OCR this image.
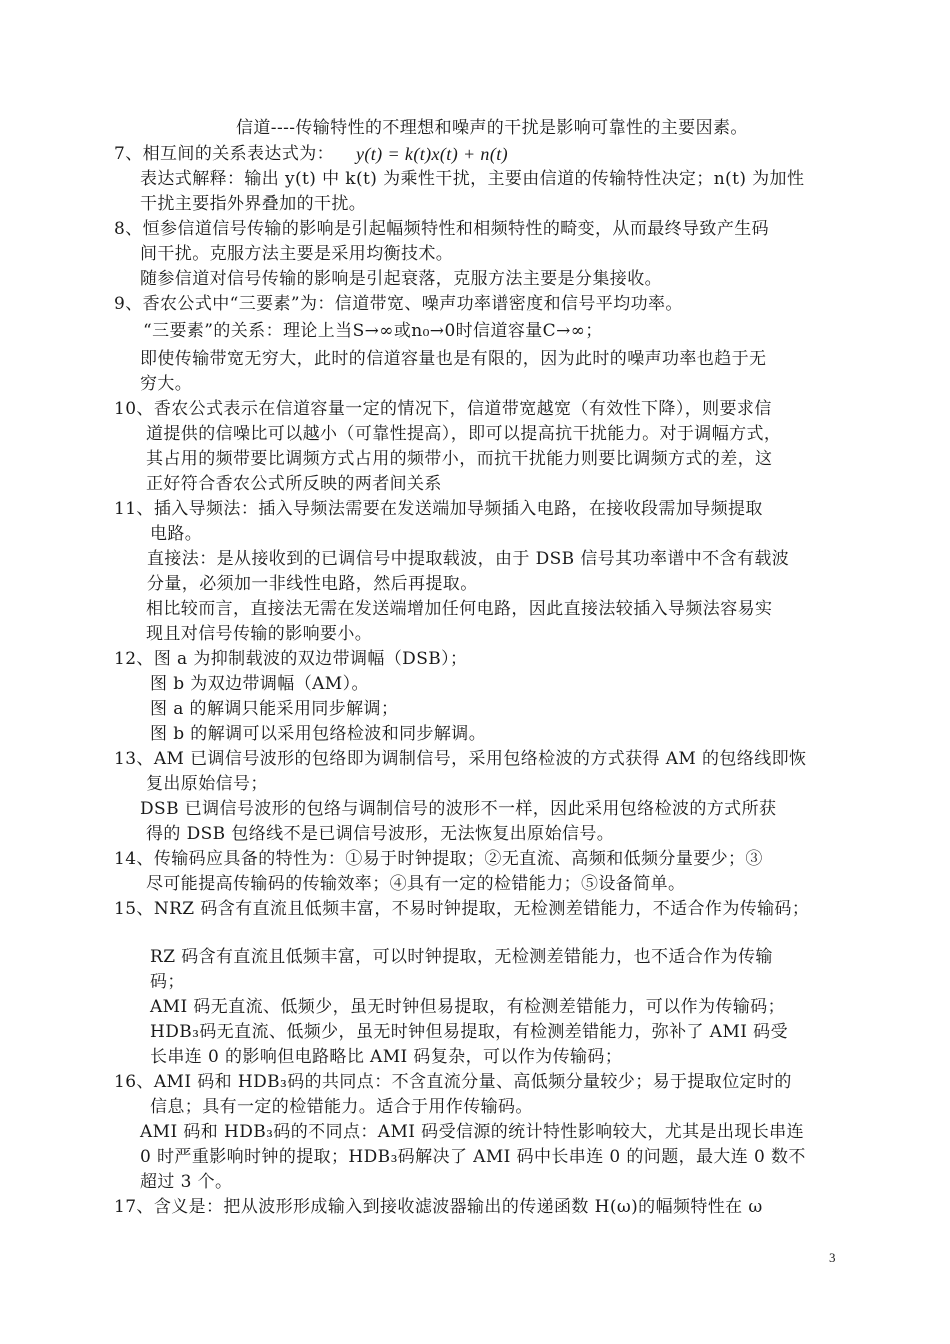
信道----传输特性的不理想和噪声的干扰是影响可靠性的主要因素。
7、相互间的关系表达式为： y(t) = k(t)x(t) + n(t)
表达式解释：输出 y(t) 中 k(t) 为乘性干扰，主要由信道的传输特性决定；n(t) 为加性
干扰主要指外界叠加的干扰。
8、恒参信道信号传输的影响是引起幅频特性和相频特性的畸变，从而最终导致产生码
间干扰。克服方法主要是采用均衡技术。
随参信道对信号传输的影响是引起衰落，克服方法主要是分集接收。
9、香农公式中“三要素”为：信道带宽、噪声功率谱密度和信号平均功率。
“三要素”的关系：理论上当S→∞或n₀→0时信道容量C→∞；
即使传输带宽无穷大，此时的信道容量也是有限的，因为此时的噪声功率也趋于无
穷大。
10、香农公式表示在信道容量一定的情况下，信道带宽越宽（有效性下降），则要求信
道提供的信噪比可以越小（可靠性提高），即可以提高抗干扰能力。对于调幅方式，
其占用的频带要比调频方式占用的频带小，而抗干扰能力则要比调频方式的差，这
正好符合香农公式所反映的两者间关系
11、插入导频法：插入导频法需要在发送端加导频插入电路，在接收段需加导频提取
电路。
直接法：是从接收到的已调信号中提取载波，由于 DSB 信号其功率谱中不含有载波
分量，必须加一非线性电路，然后再提取。
相比较而言，直接法无需在发送端增加任何电路，因此直接法较插入导频法容易实
现且对信号传输的影响要小。
12、图 a 为抑制载波的双边带调幅（DSB）；
图 b 为双边带调幅（AM）。
图 a 的解调只能采用同步解调；
图 b 的解调可以采用包络检波和同步解调。
13、AM 已调信号波形的包络即为调制信号，采用包络检波的方式获得 AM 的包络线即恢
复出原始信号；
DSB 已调信号波形的包络与调制信号的波形不一样，因此采用包络检波的方式所获
得的 DSB 包络线不是已调信号波形，无法恢复出原始信号。
14、传输码应具备的特性为：①易于时钟提取；②无直流、高频和低频分量要少；③
尽可能提高传输码的传输效率；④具有一定的检错能力；⑤设备简单。
15、NRZ 码含有直流且低频丰富，不易时钟提取，无检测差错能力，不适合作为传输码；
RZ 码含有直流且低频丰富，可以时钟提取，无检测差错能力，也不适合作为传输
码；
AMI 码无直流、低频少，虽无时钟但易提取，有检测差错能力，可以作为传输码；
HDB₃码无直流、低频少，虽无时钟但易提取，有检测差错能力，弥补了 AMI 码受
长串连 0 的影响但电路略比 AMI 码复杂，可以作为传输码；
16、AMI 码和 HDB₃码的共同点：不含直流分量、高低频分量较少；易于提取位定时的
信息；具有一定的检错能力。适合于用作传输码。
AMI 码和 HDB₃码的不同点：AMI 码受信源的统计特性影响较大，尤其是出现长串连
0 时严重影响时钟的提取；HDB₃码解决了 AMI 码中长串连 0 的问题，最大连 0 数不
超过 3 个。
17、含义是：把从波形形成输入到接收滤波器输出的传递函数 H(ω)的幅频特性在 ω
3
